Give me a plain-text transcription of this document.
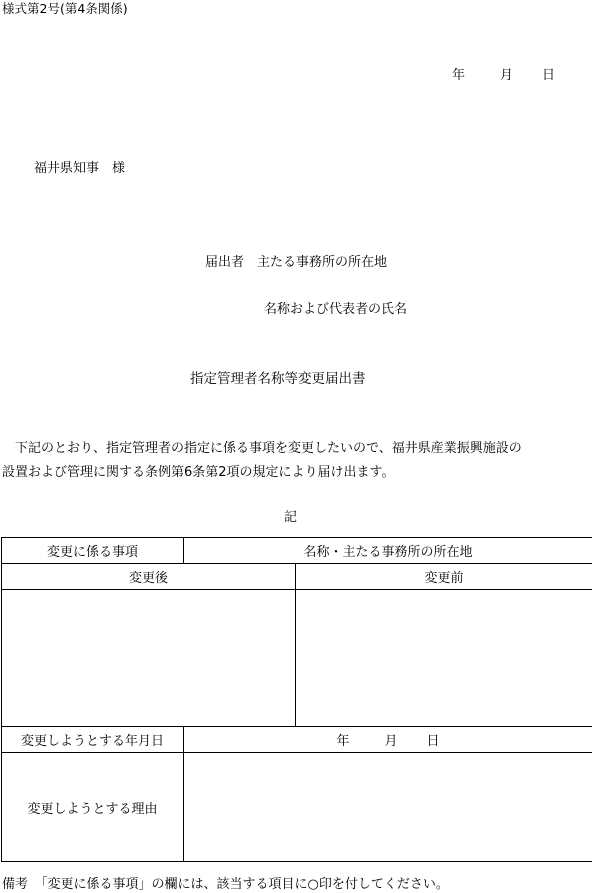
様式第2号(第4条関係)
年	月 日
福井県知事　様
届出者　主たる事務所の所在地
名称および代表者の氏名
指定管理者名称等変更届出書

下記のとおり、指定管理者の指定に係る事項を変更したいので、福井県産業振興施設の

設置および管理に関する条例第6条第2項の規定により届け出ます。
記
変更に係る事項	名称・主たる事務所の所在地	
変更後		変更前

変更しようとする年月日	年 月 日	
変更しようとする理由		
備考　「変更に係る事項」の欄には、該当する項目に○印を付してください。
